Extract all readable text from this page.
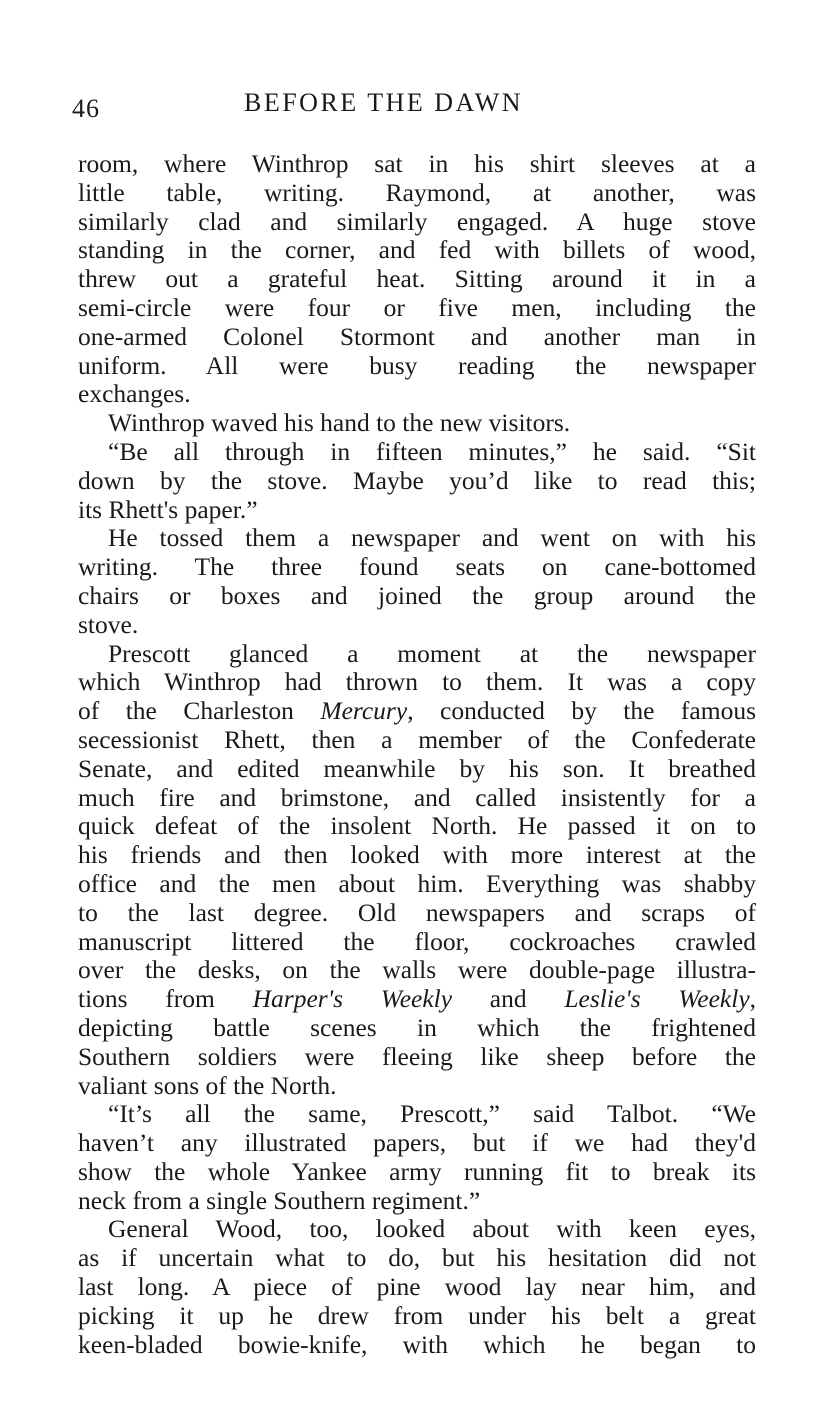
46	BEFORE THE DAWN
room, where Winthrop sat in his shirt sleeves at a
little table, writing. Raymond, at another, was
similarly clad and similarly engaged. A huge stove
standing in the corner, and fed with billets of wood,
threw out a grateful heat. Sitting around it in a
semi-circle were four or five men, including the
one-armed Colonel Stormont and another man in
uniform. All were busy reading the newspaper
exchanges.
Winthrop waved his hand to the new visitors.
“Be all through in fifteen minutes,” he said. “Sit
down by the stove. Maybe you’d like to read this;
its Rhett's paper.”
He tossed them a newspaper and went on with his
writing. The three found seats on cane-bottomed
chairs or boxes and joined the group around the
stove.
Prescott glanced a moment at the newspaper
which Winthrop had thrown to them. It was a copy
of the Charleston Mercury, conducted by the famous
secessionist Rhett, then a member of the Confederate
Senate, and edited meanwhile by his son. It breathed
much fire and brimstone, and called insistently for a
quick defeat of the insolent North. He passed it on to
his friends and then looked with more interest at the
office and the men about him. Everything was shabby
to the last degree. Old newspapers and scraps of
manuscript littered the floor, cockroaches crawled
over the desks, on the walls were double-page illustra-
tions from Harper's Weekly and Leslie's Weekly,
depicting battle scenes in which the frightened
Southern soldiers were fleeing like sheep before the
valiant sons of the North.
“It’s all the same, Prescott,” said Talbot. “We
haven’t any illustrated papers, but if we had they'd
show the whole Yankee army running fit to break its
neck from a single Southern regiment.”
General Wood, too, looked about with keen eyes,
as if uncertain what to do, but his hesitation did not
last long. A piece of pine wood lay near him, and
picking it up he drew from under his belt a great
keen-bladed bowie-knife, with which he began to
